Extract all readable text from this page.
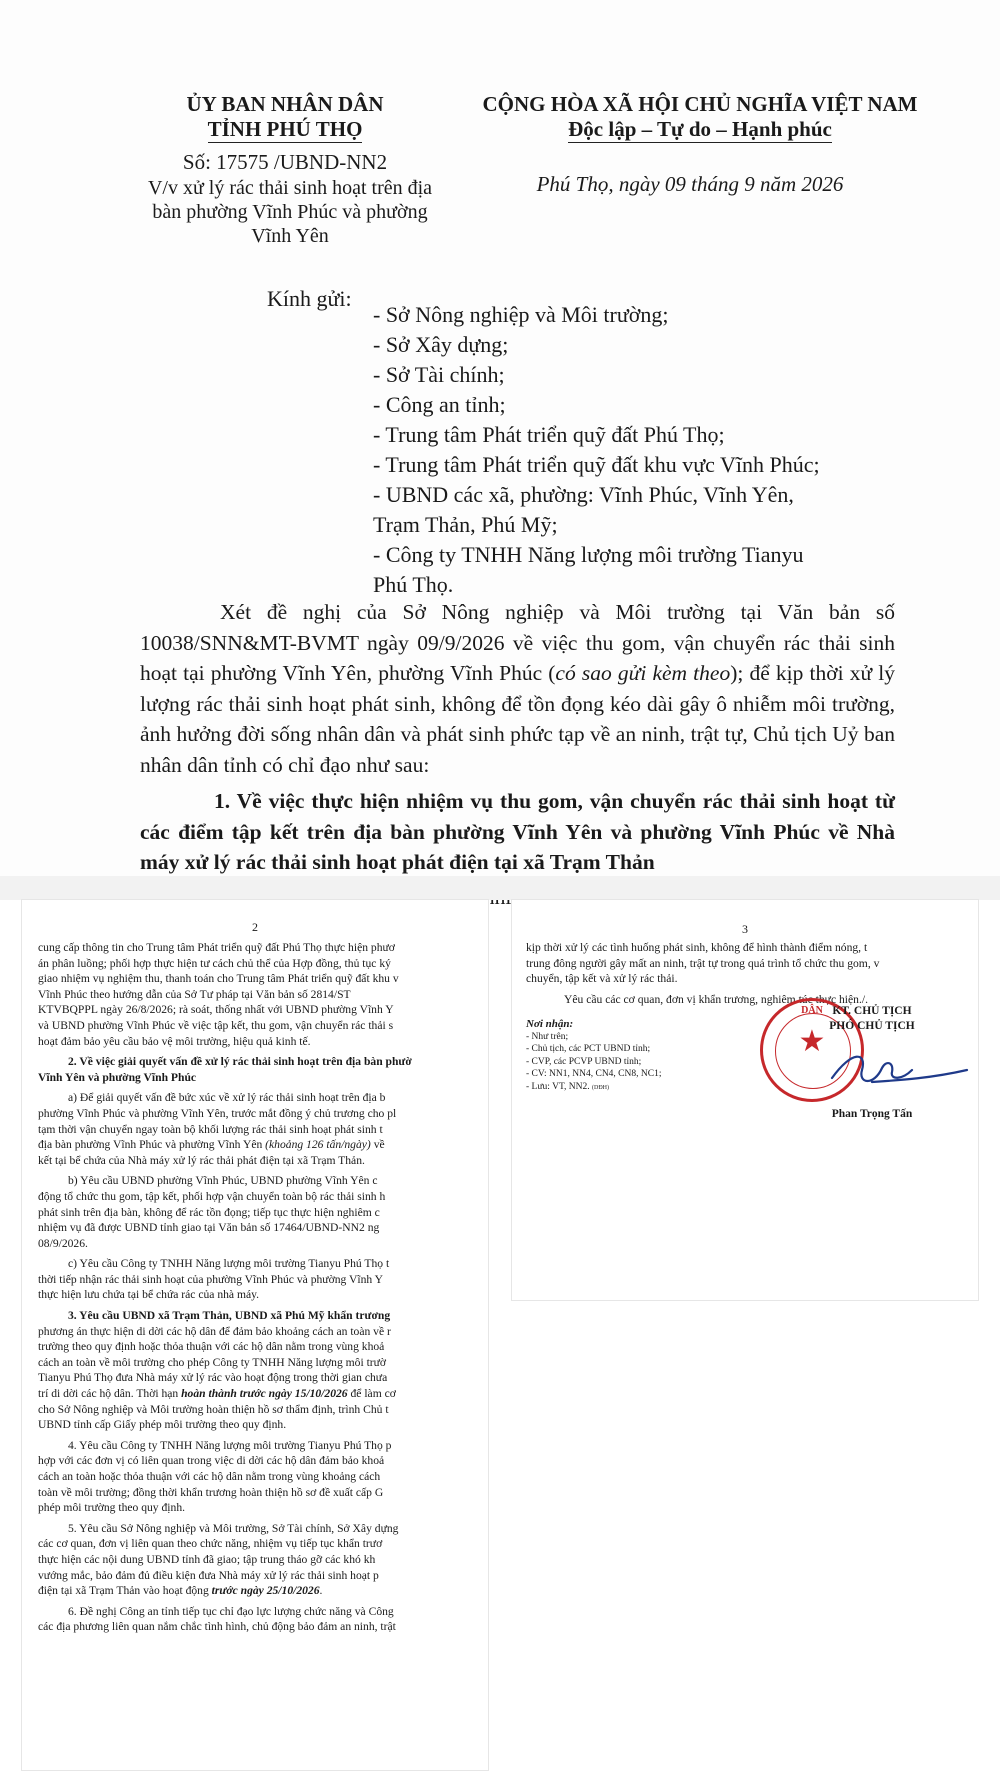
ỦY BAN NHÂN DÂN
TỈNH PHÚ THỌ
Số: 17575 /UBND-NN2
V/v xử lý rác thải sinh hoạt trên địa
bàn phường Vĩnh Phúc và phường
Vĩnh Yên
CỘNG HÒA XÃ HỘI CHỦ NGHĨA VIỆT NAM
Độc lập – Tự do – Hạnh phúc
Phú Thọ, ngày 09 tháng 9 năm 2026
Kính gửi:
- Sở Nông nghiệp và Môi trường;
- Sở Xây dựng;
- Sở Tài chính;
- Công an tỉnh;
- Trung tâm Phát triển quỹ đất Phú Thọ;
- Trung tâm Phát triển quỹ đất khu vực Vĩnh Phúc;
- UBND các xã, phường: Vĩnh Phúc, Vĩnh Yên,
Trạm Thản, Phú Mỹ;
- Công ty TNHH Năng lượng môi trường Tianyu
Phú Thọ.

Xét đề nghị của Sở Nông nghiệp và Môi trường tại Văn bản số 10038/SNN&MT-BVMT ngày 09/9/2026 về việc thu gom, vận chuyển rác thải sinh hoạt tại phường Vĩnh Yên, phường Vĩnh Phúc (có sao gửi kèm theo); để kịp thời xử lý lượng rác thải sinh hoạt phát sinh, không để tồn đọng kéo dài gây ô nhiễm môi trường, ảnh hưởng đời sống nhân dân và phát sinh phức tạp về an ninh, trật tự, Chủ tịch Uỷ ban nhân dân tỉnh có chỉ đạo như sau:

1. Về việc thực hiện nhiệm vụ thu gom, vận chuyển rác thải sinh hoạt từ các điểm tập kết trên địa bàn phường Vĩnh Yên và phường Vĩnh Phúc về Nhà máy xử lý rác thải sinh hoạt phát điện tại xã Trạm Thản

2
cung cấp thông tin cho Trung tâm Phát triển quỹ đất Phú Thọ thực hiện phươ
án phân luồng; phối hợp thực hiện tư cách chủ thể của Hợp đồng, thủ tục ký
giao nhiệm vụ nghiệm thu, thanh toán cho Trung tâm Phát triển quỹ đất khu v
Vĩnh Phúc theo hướng dẫn của Sở Tư pháp tại Văn bản số 2814/ST
KTVBQPPL ngày 26/8/2026; rà soát, thống nhất với UBND phường Vĩnh Y
và UBND phường Vĩnh Phúc về việc tập kết, thu gom, vận chuyển rác thải s
hoạt đảm bảo yêu cầu bảo vệ môi trường, hiệu quả kinh tế.
2. Về việc giải quyết vấn đề xử lý rác thải sinh hoạt trên địa bàn phườ
Vĩnh Yên và phường Vĩnh Phúc
a) Để giải quyết vấn đề bức xúc về xử lý rác thải sinh hoạt trên địa b
phường Vĩnh Phúc và phường Vĩnh Yên, trước mắt đồng ý chủ trương cho pl
tạm thời vận chuyển ngay toàn bộ khối lượng rác thải sinh hoạt phát sinh t
địa bàn phường Vĩnh Phúc và phường Vĩnh Yên (khoảng 126 tấn/ngày) về
kết tại bể chứa của Nhà máy xử lý rác thải phát điện tại xã Trạm Thản.
b) Yêu cầu UBND phường Vĩnh Phúc, UBND phường Vĩnh Yên c
động tổ chức thu gom, tập kết, phối hợp vận chuyển toàn bộ rác thải sinh h
phát sinh trên địa bàn, không để rác tồn đọng; tiếp tục thực hiện nghiêm c
nhiệm vụ đã được UBND tỉnh giao tại Văn bản số 17464/UBND-NN2 ng
08/9/2026.
c) Yêu cầu Công ty TNHH Năng lượng môi trường Tianyu Phú Thọ t
thời tiếp nhận rác thải sinh hoạt của phường Vĩnh Phúc và phường Vĩnh Y
thực hiện lưu chứa tại bể chứa rác của nhà máy.
3. Yêu cầu UBND xã Trạm Thản, UBND xã Phú Mỹ khẩn trương
phương án thực hiện di dời các hộ dân để đảm bảo khoảng cách an toàn về r
trường theo quy định hoặc thỏa thuận với các hộ dân nằm trong vùng khoả
cách an toàn về môi trường cho phép Công ty TNHH Năng lượng môi trườ
Tianyu Phú Thọ đưa Nhà máy xử lý rác vào hoạt động trong thời gian chưa
trí di dời các hộ dân. Thời hạn hoàn thành trước ngày 15/10/2026 để làm cơ
cho Sở Nông nghiệp và Môi trường hoàn thiện hồ sơ thẩm định, trình Chủ t
UBND tỉnh cấp Giấy phép môi trường theo quy định.
4. Yêu cầu Công ty TNHH Năng lượng môi trường Tianyu Phú Thọ p
hợp với các đơn vị có liên quan trong việc di dời các hộ dân đảm bảo khoả
cách an toàn hoặc thỏa thuận với các hộ dân nằm trong vùng khoảng cách
toàn về môi trường; đồng thời khẩn trương hoàn thiện hồ sơ đề xuất cấp G
phép môi trường theo quy định.
5. Yêu cầu Sở Nông nghiệp và Môi trường, Sở Tài chính, Sở Xây dựng
các cơ quan, đơn vị liên quan theo chức năng, nhiệm vụ tiếp tục khẩn trươ
thực hiện các nội dung UBND tỉnh đã giao; tập trung tháo gỡ các khó kh
vướng mắc, bảo đảm đủ điều kiện đưa Nhà máy xử lý rác thải sinh hoạt p
điện tại xã Trạm Thản vào hoạt động trước ngày 25/10/2026.
6. Đề nghị Công an tỉnh tiếp tục chỉ đạo lực lượng chức năng và Công
các địa phương liên quan nắm chắc tình hình, chủ động bảo đảm an ninh, trật
3
kịp thời xử lý các tình huống phát sinh, không để hình thành điểm nóng, t
trung đông người gây mất an ninh, trật tự trong quá trình tổ chức thu gom, v
chuyển, tập kết và xử lý rác thải.
Yêu cầu các cơ quan, đơn vị khẩn trương, nghiêm túc thực hiện./.
Nơi nhận:
- Như trên;
- Chủ tịch, các PCT UBND tỉnh;
- CVP, các PCVP UBND tỉnh;
- CV: NN1, NN4, CN4, CN8, NC1;
- Lưu: VT, NN2. (DĐH)
★
DÂN KT. CHỦ TỊCH
PHÓ CHỦ TỊCH
Phan Trọng Tấn
